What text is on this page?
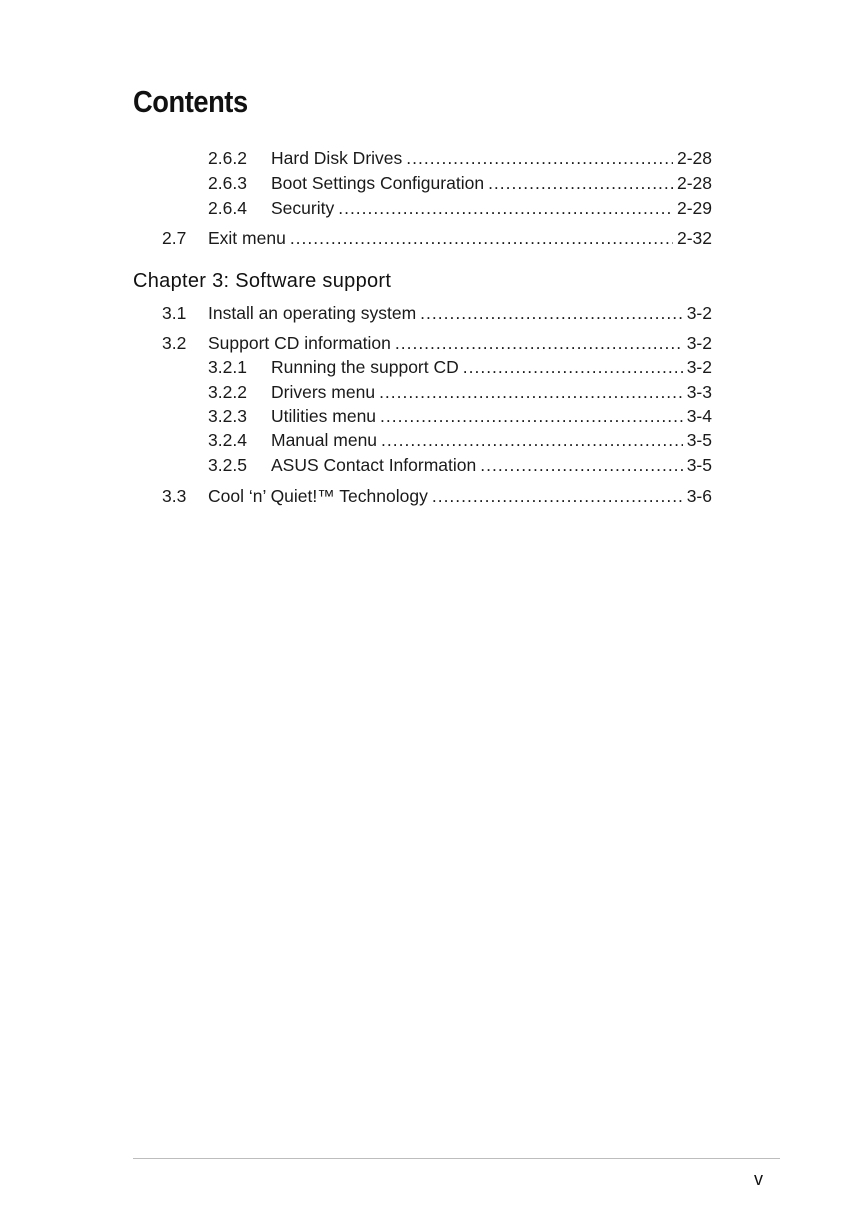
Contents
2.6.2 Hard Disk Drives .....	2-28
2.6.3 Boot Settings Configuration .....	2-28
2.6.4 Security .....	2-29
2.7 Exit menu .....	2-32
Chapter 3: Software support
3.1 Install an operating system .....	3-2
3.2 Support CD information .....	3-2
3.2.1 Running the support CD .....	3-2
3.2.2 Drivers menu .....	3-3
3.2.3 Utilities menu .....	3-4
3.2.4 Manual menu .....	3-5
3.2.5 ASUS Contact Information .....	3-5
3.3 Cool ‘n’ Quiet!™ Technology .....	3-6
v
